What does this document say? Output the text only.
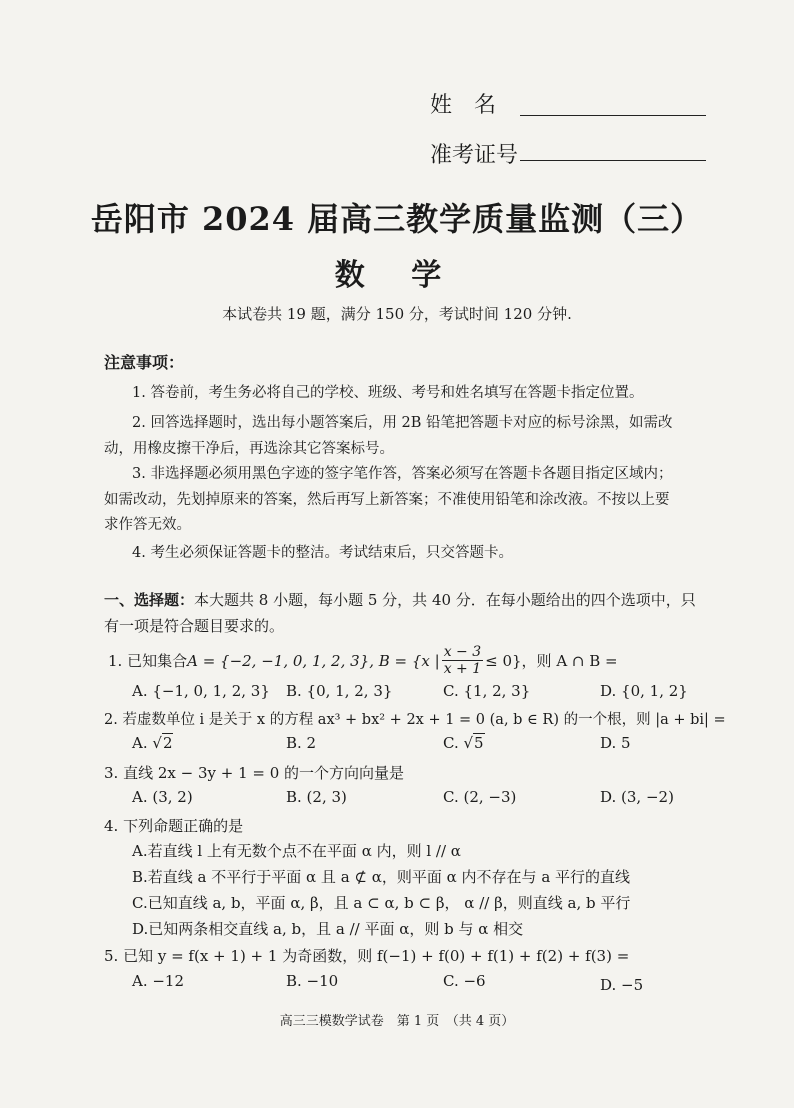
姓　名
准考证号
岳阳市 2024 届高三教学质量监测（三）
数 学
本试卷共 19 题，满分 150 分，考试时间 120 分钟.
注意事项：
1. 答卷前，考生务必将自己的学校、班级、考号和姓名填写在答题卡指定位置。
2. 回答选择题时，选出每小题答案后，用 2B 铅笔把答题卡对应的标号涂黑，如需改
动，用橡皮擦干净后，再选涂其它答案标号。
3. 非选择题必须用黑色字迹的签字笔作答，答案必须写在答题卡各题目指定区域内；
如需改动，先划掉原来的答案，然后再写上新答案；不准使用铅笔和涂改液。不按以上要
求作答无效。
4. 考生必须保证答题卡的整洁。考试结束后，只交答题卡。
一、选择题：本大题共 8 小题，每小题 5 分，共 40 分．在每小题给出的四个选项中，只
有一项是符合题目要求的。
1. 已知集合 A = {−2, −1, 0, 1, 2, 3}, B = {x | $\frac{x - 3}{x + 1} \le 0$}，则 A ∩ B =
A. {−1, 0, 1, 2, 3} B. {0, 1, 2, 3}	C. {1, 2, 3}	D. {0, 1, 2}
2. 若虚数单位 i 是关于 x 的方程 ax³ + bx² + 2x + 1 = 0 (a, b ∈ R) 的一个根，则 |a + bi| =
A. √2	B. 2	C. √5	D. 5
3. 直线 2x − 3y + 1 = 0 的一个方向向量是
A. (3, 2)	B. (2, 3)	C. (2, −3)	D. (3, −2)
4. 下列命题正确的是
A.若直线 l 上有无数个点不在平面 α 内，则 l // α
B.若直线 a 不平行于平面 α 且 a ⊄ α，则平面 α 内不存在与 a 平行的直线
C.已知直线 a, b，平面 α, β，且 a ⊂ α, b ⊂ β， α // β，则直线 a, b 平行
D.已知两条相交直线 a, b，且 a // 平面 α，则 b 与 α 相交
5. 已知 y = f(x + 1) + 1 为奇函数，则 f(−1) + f(0) + f(1) + f(2) + f(3) =
A. −12	B. −10	C. −6	D. −5
高三三模数学试卷　第 1 页　（共 4 页）
